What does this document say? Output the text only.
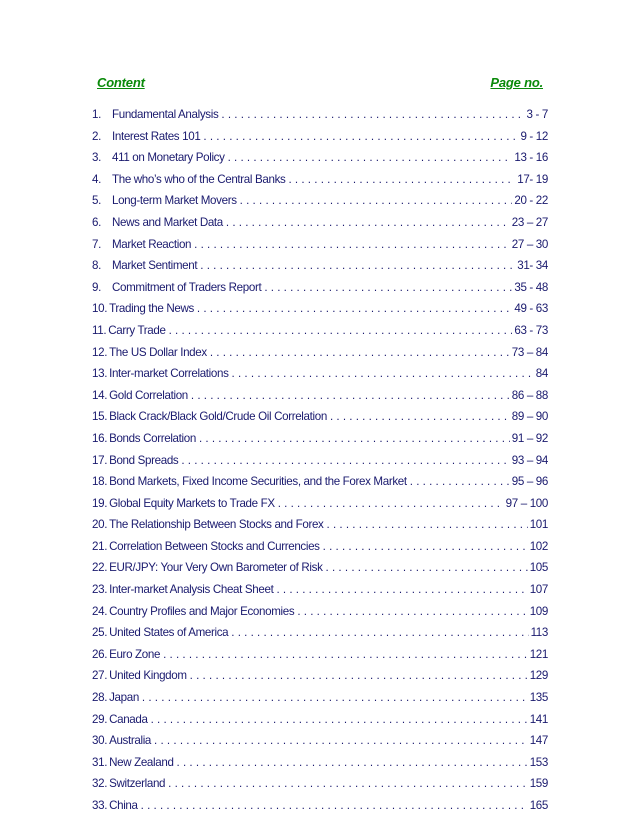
Content	Page no.
1. Fundamental Analysis . . .	3 - 7
2. Interest Rates 101 . . .	9 - 12
3. 411 on Monetary Policy . . .	13 - 16
4. The who’s who of the Central Banks . . .	17- 19
5. Long-term Market Movers . . .	20 - 22
6. News and Market Data . . .	23 – 27
7. Market Reaction . . .	27 – 30
8. Market Sentiment . . .	31- 34
9. Commitment of Traders Report . . .	35 - 48
10. Trading the News . . .	49 - 63
11. Carry Trade . . .	63 - 73
12. The US Dollar Index . . .	73 – 84
13. Inter-market Correlations . . .	84
14. Gold Correlation . . .	86 – 88
15. Black Crack/Black Gold/Crude Oil Correlation . . .	89 – 90
16. Bonds Correlation . . .	91 – 92
17. Bond Spreads . . .	93 – 94
18. Bond Markets, Fixed Income Securities, and the Forex Market . . .	95 – 96
19. Global Equity Markets to Trade FX . . .	97 – 100
20. The Relationship Between Stocks and Forex . . .	101
21. Correlation Between Stocks and Currencies . . .	102
22. EUR/JPY: Your Very Own Barometer of Risk . . .	105
23. Inter-market Analysis Cheat Sheet . . .	107
24. Country Profiles and Major Economies . . .	109
25. United States of America . . .	113
26. Euro Zone . . .	121
27. United Kingdom . . .	129
28. Japan . . .	135
29. Canada . . .	141
30. Australia . . .	147
31. New Zealand . . .	153
32. Switzerland . . .	159
33. China . . .	165
